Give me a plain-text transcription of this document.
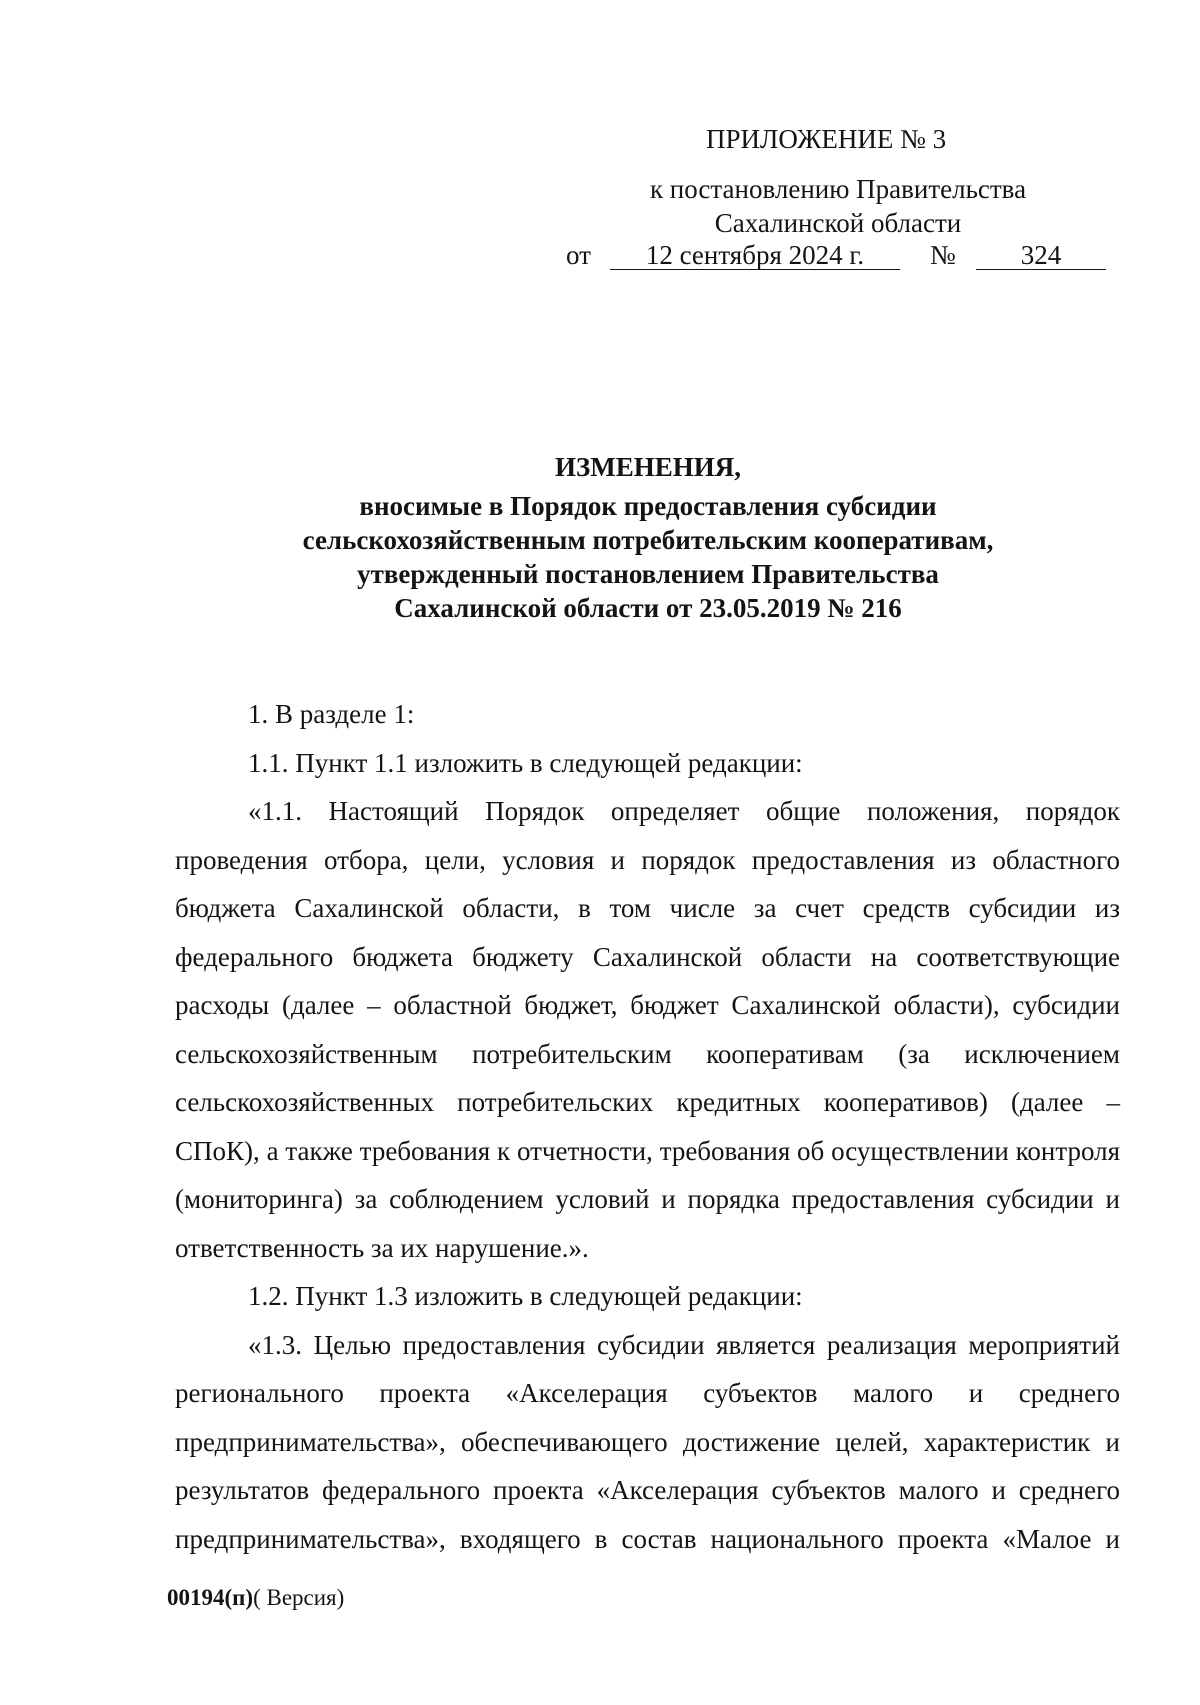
ПРИЛОЖЕНИЕ № 3
к постановлению Правительства
Сахалинской области
от	12 сентября 2024 г.	№	324
ИЗМЕНЕНИЯ,
вносимые в Порядок предоставления субсидии
сельскохозяйственным потребительским кооперативам,
утвержденный постановлением Правительства
Сахалинской области от 23.05.2019 № 216

1. В разделе 1:

1.1. Пункт 1.1 изложить в следующей редакции:

«1.1. Настоящий Порядок определяет общие положения, порядок проведения отбора, цели, условия и порядок предоставления из областного бюджета Сахалинской области, в том числе за счет средств субсидии из федерального бюджета бюджету Сахалинской области на соответствующие расходы (далее – областной бюджет, бюджет Сахалинской области), субсидии сельскохозяйственным потребительским кооперативам (за исключением сельскохозяйственных потребительских кредитных кооперативов) (далее – СПоК), а также требования к отчетности, требования об осуществлении контроля (мониторинга) за соблюдением условий и порядка предоставления субсидии и ответственность за их нарушение.».

1.2. Пункт 1.3 изложить в следующей редакции:

«1.3. Целью предоставления субсидии является реализация мероприятий регионального проекта «Акселерация субъектов малого и среднего предпринимательства», обеспечивающего достижение целей, характеристик и результатов федерального проекта «Акселерация субъектов малого и среднего предпринимательства», входящего в состав национального проекта «Малое и

00194(п)( Версия)
